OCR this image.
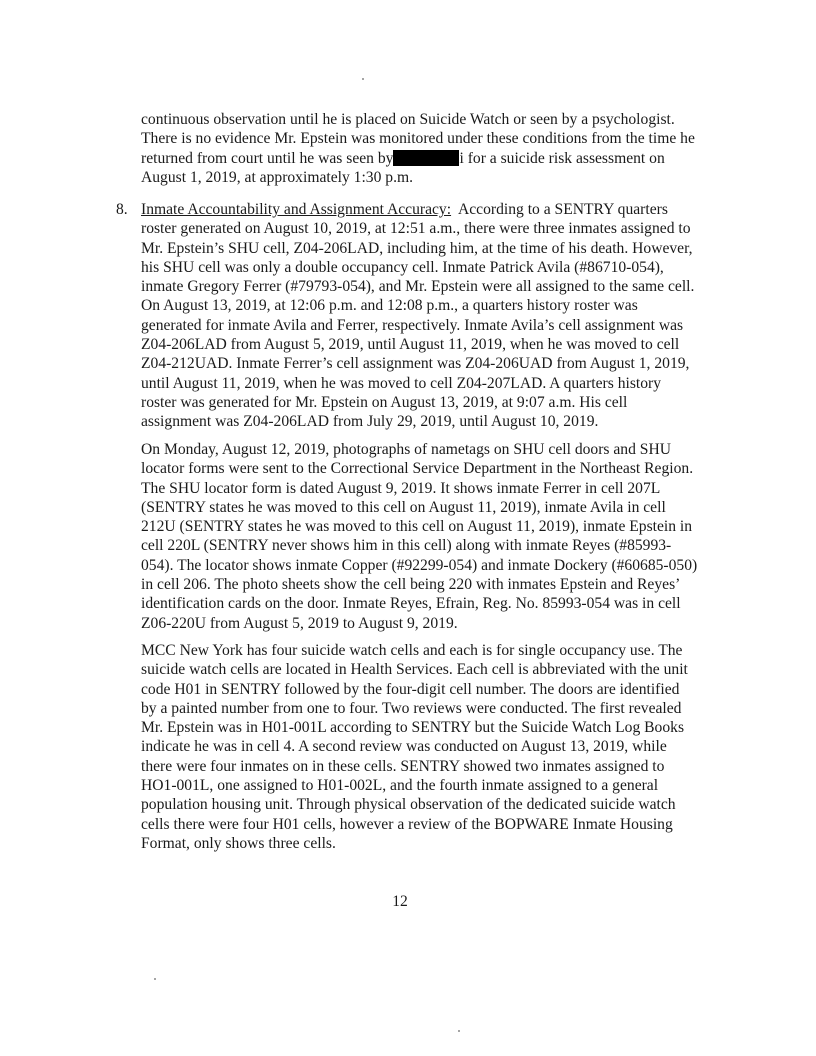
continuous observation until he is placed on Suicide Watch or seen by a psychologist.
There is no evidence Mr. Epstein was monitored under these conditions from the time he
returned from court until he was seen by	i for a suicide risk assessment on
August 1, 2019, at approximately 1:30 p.m.
8. Inmate Accountability and Assignment Accuracy:  According to a SENTRY quarters
roster generated on August 10, 2019, at 12:51 a.m., there were three inmates assigned to
Mr. Epstein’s SHU cell, Z04-206LAD, including him, at the time of his death. However,
his SHU cell was only a double occupancy cell. Inmate Patrick Avila (#86710-054),
inmate Gregory Ferrer (#79793-054), and Mr. Epstein were all assigned to the same cell.
On August 13, 2019, at 12:06 p.m. and 12:08 p.m., a quarters history roster was
generated for inmate Avila and Ferrer, respectively. Inmate Avila’s cell assignment was
Z04-206LAD from August 5, 2019, until August 11, 2019, when he was moved to cell
Z04-212UAD. Inmate Ferrer’s cell assignment was Z04-206UAD from August 1, 2019,
until August 11, 2019, when he was moved to cell Z04-207LAD. A quarters history
roster was generated for Mr. Epstein on August 13, 2019, at 9:07 a.m. His cell
assignment was Z04-206LAD from July 29, 2019, until August 10, 2019.
On Monday, August 12, 2019, photographs of nametags on SHU cell doors and SHU
locator forms were sent to the Correctional Service Department in the Northeast Region.
The SHU locator form is dated August 9, 2019. It shows inmate Ferrer in cell 207L
(SENTRY states he was moved to this cell on August 11, 2019), inmate Avila in cell
212U (SENTRY states he was moved to this cell on August 11, 2019), inmate Epstein in
cell 220L (SENTRY never shows him in this cell) along with inmate Reyes (#85993-
054). The locator shows inmate Copper (#92299-054) and inmate Dockery (#60685-050)
in cell 206. The photo sheets show the cell being 220 with inmates Epstein and Reyes’
identification cards on the door. Inmate Reyes, Efrain, Reg. No. 85993-054 was in cell
Z06-220U from August 5, 2019 to August 9, 2019.
MCC New York has four suicide watch cells and each is for single occupancy use. The
suicide watch cells are located in Health Services. Each cell is abbreviated with the unit
code H01 in SENTRY followed by the four-digit cell number. The doors are identified
by a painted number from one to four. Two reviews were conducted. The first revealed
Mr. Epstein was in H01-001L according to SENTRY but the Suicide Watch Log Books
indicate he was in cell 4. A second review was conducted on August 13, 2019, while
there were four inmates on in these cells. SENTRY showed two inmates assigned to
HO1-001L, one assigned to H01-002L, and the fourth inmate assigned to a general
population housing unit. Through physical observation of the dedicated suicide watch
cells there were four H01 cells, however a review of the BOPWARE Inmate Housing
Format, only shows three cells.
12
